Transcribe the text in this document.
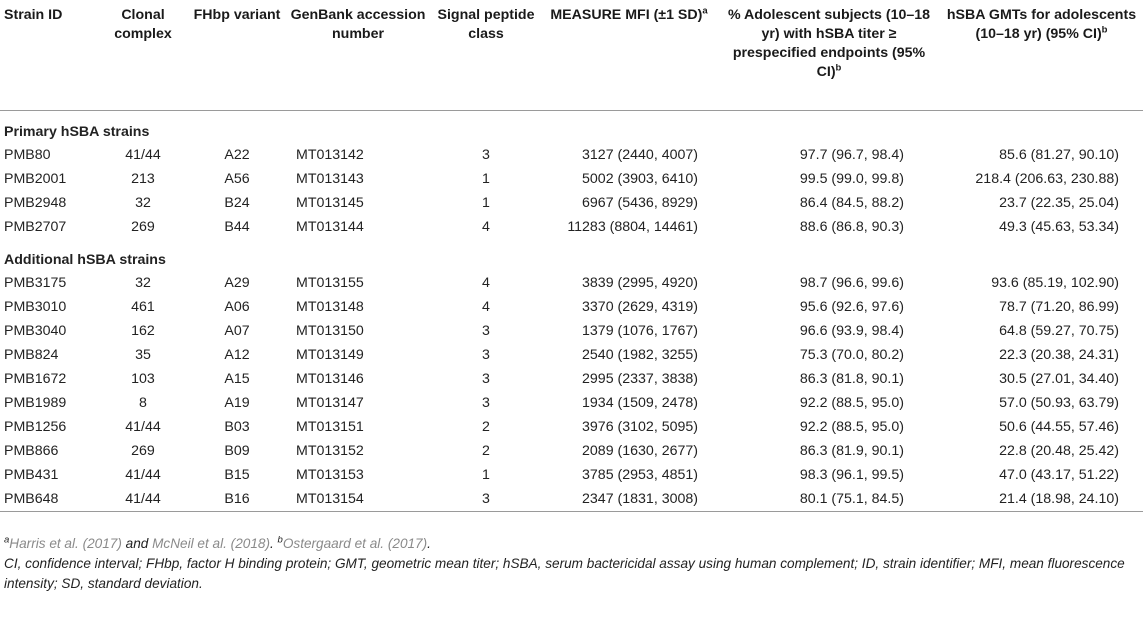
Strain ID	Clonal complex	FHbp variant	GenBank accession number	Signal peptide class	MEASURE MFI (±1 SD)$^a$	% Adolescent subjects (10–18 yr) with hSBA titer ≥ prespecified endpoints (95% CI)$^b$	hSBA GMTs for adolescents (10–18 yr) (95% CI)$^b$
Primary hSBA strains							
PMB80	41/44	A22	MT013142	3	3127 (2440, 4007)	97.7 (96.7, 98.4)	85.6 (81.27, 90.10)
PMB2001	213	A56	MT013143	1	5002 (3903, 6410)	99.5 (99.0, 99.8)	218.4 (206.63, 230.88)
PMB2948	32	B24	MT013145	1	6967 (5436, 8929)	86.4 (84.5, 88.2)	23.7 (22.35, 25.04)
PMB2707	269	B44	MT013144	4	11283 (8804, 14461)	88.6 (86.8, 90.3)	49.3 (45.63, 53.34)
Additional hSBA strains							
PMB3175	32	A29	MT013155	4	3839 (2995, 4920)	98.7 (96.6, 99.6)	93.6 (85.19, 102.90)
PMB3010	461	A06	MT013148	4	3370 (2629, 4319)	95.6 (92.6, 97.6)	78.7 (71.20, 86.99)
PMB3040	162	A07	MT013150	3	1379 (1076, 1767)	96.6 (93.9, 98.4)	64.8 (59.27, 70.75)
PMB824	35	A12	MT013149	3	2540 (1982, 3255)	75.3 (70.0, 80.2)	22.3 (20.38, 24.31)
PMB1672	103	A15	MT013146	3	2995 (2337, 3838)	86.3 (81.8, 90.1)	30.5 (27.01, 34.40)
PMB1989	8	A19	MT013147	3	1934 (1509, 2478)	92.2 (88.5, 95.0)	57.0 (50.93, 63.79)
PMB1256	41/44	B03	MT013151	2	3976 (3102, 5095)	92.2 (88.5, 95.0)	50.6 (44.55, 57.46)
PMB866	269	B09	MT013152	2	2089 (1630, 2677)	86.3 (81.9, 90.1)	22.8 (20.48, 25.42)
PMB431	41/44	B15	MT013153	1	3785 (2953, 4851)	98.3 (96.1, 99.5)	47.0 (43.17, 51.22)
PMB648	41/44	B16	MT013154	3	2347 (1831, 3008)	80.1 (75.1, 84.5)	21.4 (18.98, 24.10)
$^a$Harris et al. (2017) and McNeil et al. (2018). $^b$Ostergaard et al. (2017).
CI, confidence interval; FHbp, factor H binding protein; GMT, geometric mean titer; hSBA, serum bactericidal assay using human complement; ID, strain identifier; MFI, mean fluorescence
intensity; SD, standard deviation.
